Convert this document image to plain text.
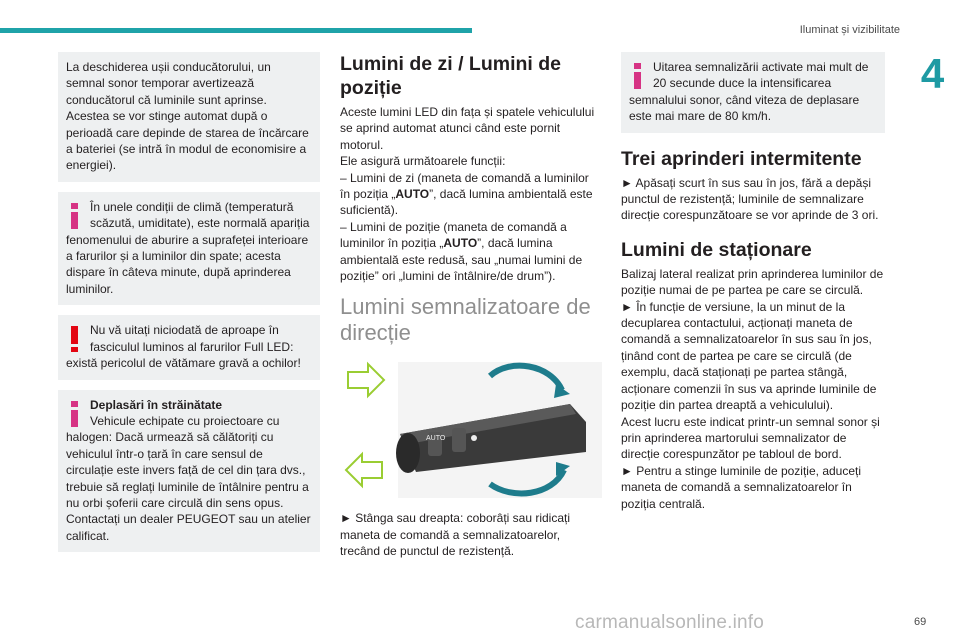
Iluminat și vizibilitate
4

La deschiderea ușii conducătorului, un semnal sonor temporar avertizează conducătorul că luminile sunt aprinse. Acestea se vor stinge automat după o perioadă care depinde de starea de încărcare a bateriei (se intră în modul de economisire a energiei).

În unele condiții de climă (temperatură scăzută, umiditate), este normală apariția fenomenului de aburire a suprafeței interioare a farurilor și a luminilor din spate; acesta dispare în câteva minute, după aprinderea luminilor.

Nu vă uitați niciodată de aproape în fasciculul luminos al farurilor Full LED: există pericolul de vătămare gravă a ochilor!

Deplasări în străinătate

Vehicule echipate cu proiectoare cu halogen: Dacă urmează să călătoriți cu vehiculul într-o țară în care sensul de circulație este invers față de cel din țara dvs., trebuie să reglați luminile de întâlnire pentru a nu orbi șoferii care circulă din sens opus. Contactați un dealer PEUGEOT sau un atelier calificat.

Lumini de zi / Lumini de poziție

Aceste lumini LED din fața și spatele vehiculului se aprind automat atunci când este pornit motorul.

Ele asigură următoarele funcții:

– Lumini de zi (maneta de comandă a luminilor în poziția „AUTO”, dacă lumina ambientală este suficientă).

– Lumini de poziție (maneta de comandă a luminilor în poziția „AUTO”, dacă lumina ambientală este redusă, sau „numai lumini de poziție” ori „lumini de întâlnire/de drum”).

Lumini semnalizatoare de direcție
AUTO

► Stânga sau dreapta: coborâți sau ridicați maneta de comandă a semnalizatoarelor, trecând de punctul de rezistență.

Uitarea semnalizării activate mai mult de 20 secunde duce la intensificarea semnalului sonor, când viteza de deplasare este mai mare de 80 km/h.

Trei aprinderi intermitente

► Apăsați scurt în sus sau în jos, fără a depăși punctul de rezistență; luminile de semnalizare direcție corespunzătoare se vor aprinde de 3 ori.

Lumini de staționare

Balizaj lateral realizat prin aprinderea luminilor de poziție numai de pe partea pe care se circulă.

► În funcție de versiune, la un minut de la decuplarea contactului, acționați maneta de comandă a semnalizatoarelor în sus sau în jos, ținând cont de partea pe care se circulă (de exemplu, dacă staționați pe partea stângă, acționare comenzii în sus va aprinde luminile de poziție din partea dreaptă a vehiculului).

Acest lucru este indicat printr-un semnal sonor și prin aprinderea martorului semnalizator de direcție corespunzător pe tabloul de bord.

► Pentru a stinge luminile de poziție, aduceți maneta de comandă a semnalizatoarelor în poziția centrală.

carmanualsonline.info	69
